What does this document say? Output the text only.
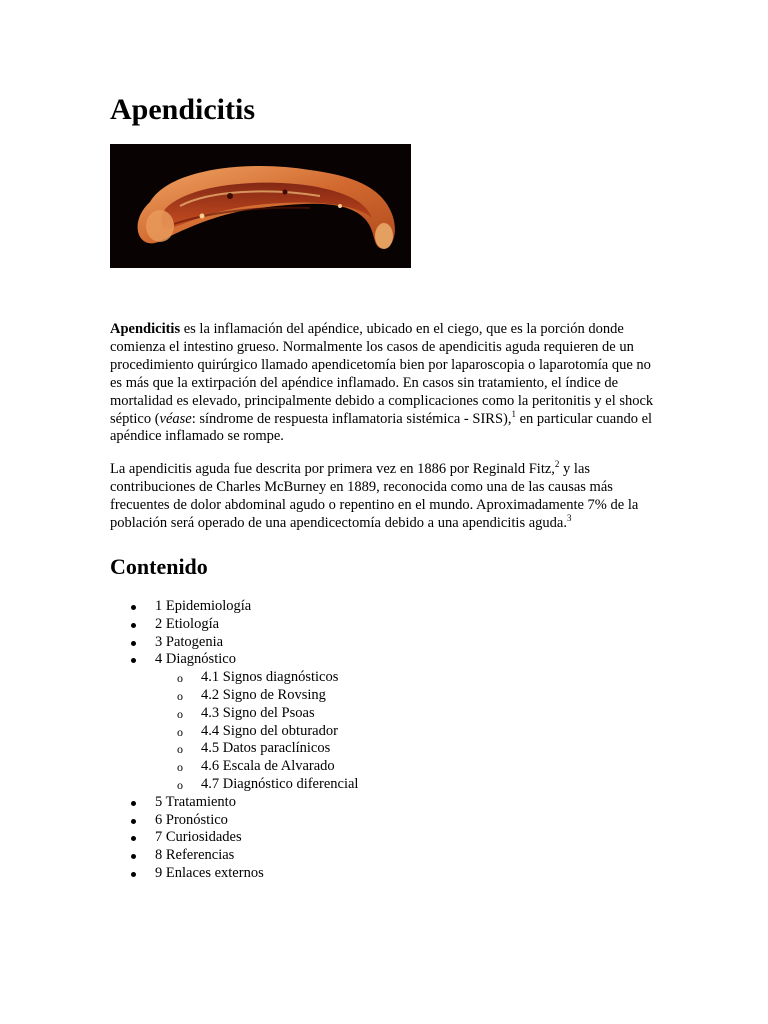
Apendicitis

Apendicitis es la inflamación del apéndice, ubicado en el ciego, que es la porción donde comienza el intestino grueso. Normalmente los casos de apendicitis aguda requieren de un procedimiento quirúrgico llamado apendicetomía bien por laparoscopia o laparotomía que no es más que la extirpación del apéndice inflamado. En casos sin tratamiento, el índice de mortalidad es elevado, principalmente debido a complicaciones como la peritonitis y el shock séptico (véase: síndrome de respuesta inflamatoria sistémica - SIRS),$^1$ en particular cuando el apéndice inflamado se rompe.

La apendicitis aguda fue descrita por primera vez en 1886 por Reginald Fitz,$^2$ y las contribuciones de Charles McBurney en 1889, reconocida como una de las causas más frecuentes de dolor abdominal agudo o repentino en el mundo. Aproximadamente 7% de la población será operado de una apendicectomía debido a una apendicitis aguda.$^3$

Contenido
1 Epidemiología
2 Etiología
3 Patogenia
4 Diagnóstico
o 4.1 Signos diagnósticos
o 4.2 Signo de Rovsing
o 4.3 Signo del Psoas
o 4.4 Signo del obturador
o 4.5 Datos paraclínicos
o 4.6 Escala de Alvarado
o 4.7 Diagnóstico diferencial
5 Tratamiento
6 Pronóstico
7 Curiosidades
8 Referencias
9 Enlaces externos
